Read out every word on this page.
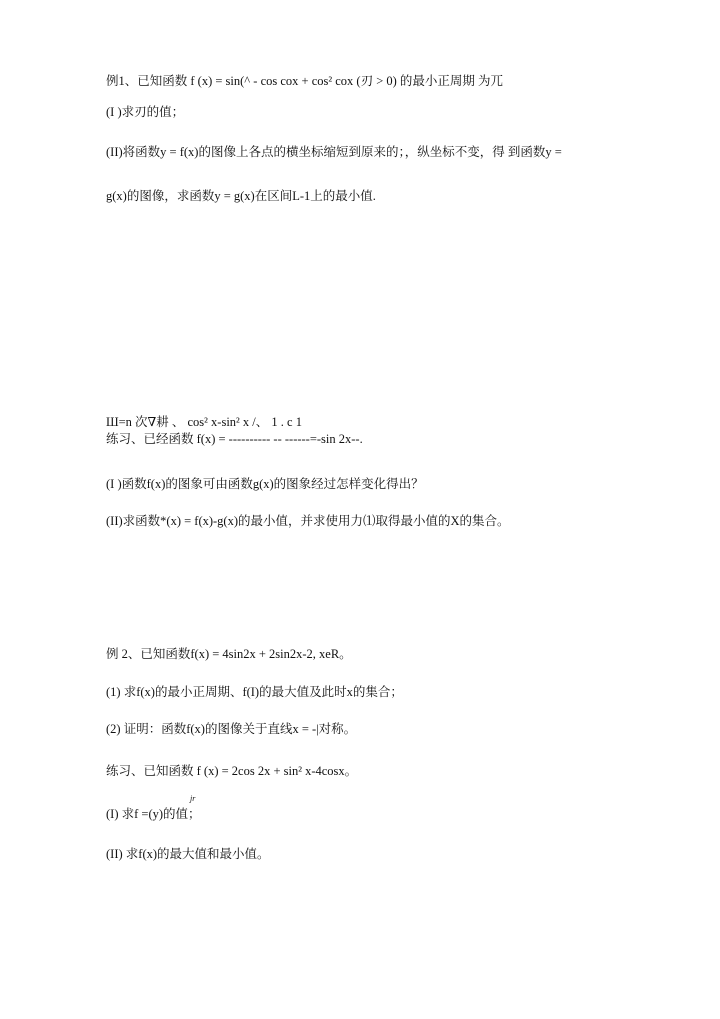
例1、已知函数 f (x) = sin(^ - cos cox + cos² cox (刃 > 0) 的最小正周期 为兀
(I )求刃的值；
(II)将函数y = f(x)的图像上各点的横坐标缩短到原来的；，纵坐标不变，得 到函数y =
g(x)的图像，求函数y = g(x)在区间L-1上的最小值.
Ш=n 次∇耕 、 cos² x-sin² x /、 1 . c 1
练习、已经函数 f(x) = ---------- -- ------=-sin 2x--.
(I )函数f(x)的图象可由函数g(x)的图象经过怎样变化得出？
(II)求函数*(x) = f(x)-g(x)的最小值，并求使用力⑴取得最小值的X的集合。
例 2、已知函数f(x) = 4sin2x + 2sin2x-2, xeR。
(1) 求f(x)的最小正周期、f(I)的最大值及此时x的集合；
(2) 证明：函数f(x)的图像关于直线x = -|对称。
练习、已知函数 f (x) = 2cos 2x + sin² x-4cosx。
jr
(I) 求f =(y)的值；
(II) 求f(x)的最大值和最小值。
